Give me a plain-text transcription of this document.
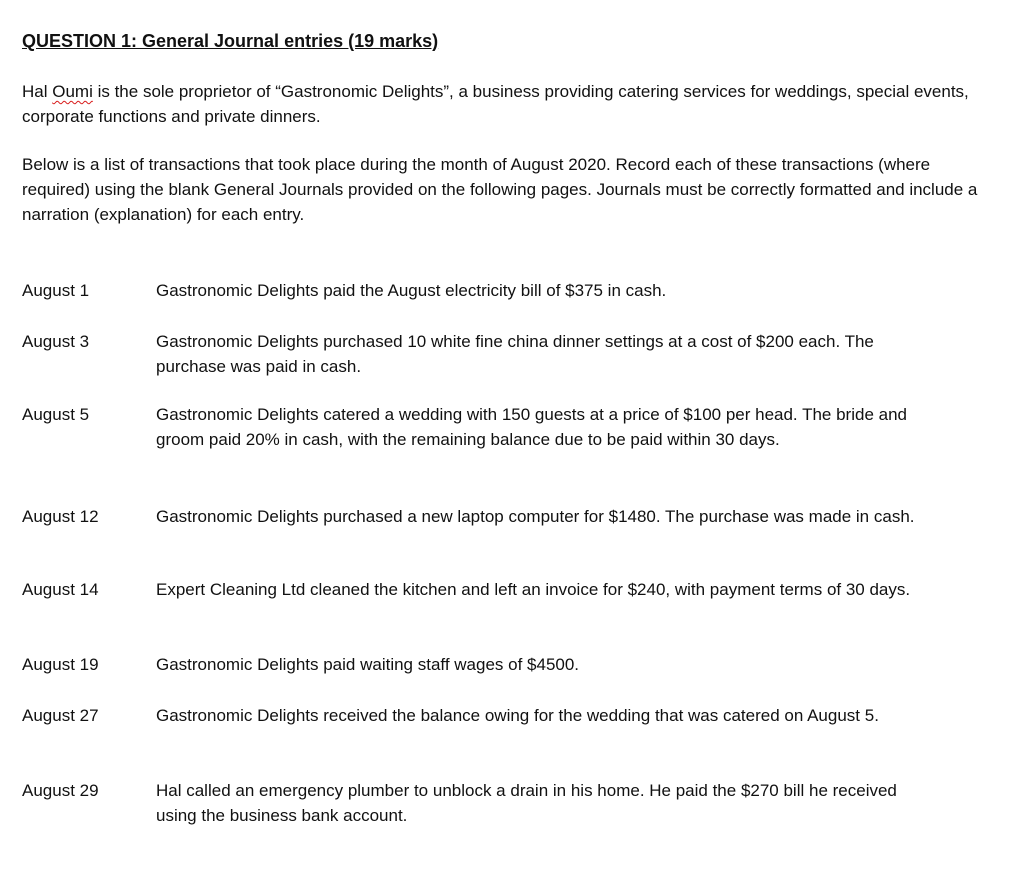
QUESTION 1: General Journal entries (19 marks)

Hal Oumi is the sole proprietor of “Gastronomic Delights”, a business providing catering services for weddings, special events, corporate functions and private dinners.

Below is a list of transactions that took place during the month of August 2020. Record each of these transactions (where required) using the blank General Journals provided on the following pages. Journals must be correctly formatted and include a narration (explanation) for each entry.

August 1	Gastronomic Delights paid the August electricity bill of $375 in cash.
August 3	Gastronomic Delights purchased 10 white fine china dinner settings at a cost of $200 each. The purchase was paid in cash.
August 5	Gastronomic Delights catered a wedding with 150 guests at a price of $100 per head. The bride and groom paid 20% in cash, with the remaining balance due to be paid within 30 days.
August 12	Gastronomic Delights purchased a new laptop computer for $1480. The purchase was made in cash.
August 14	Expert Cleaning Ltd cleaned the kitchen and left an invoice for $240, with payment terms of 30 days.
August 19	Gastronomic Delights paid waiting staff wages of $4500.
August 27	Gastronomic Delights received the balance owing for the wedding that was catered on August 5.
August 29	Hal called an emergency plumber to unblock a drain in his home. He paid the $270 bill he received using the business bank account.
